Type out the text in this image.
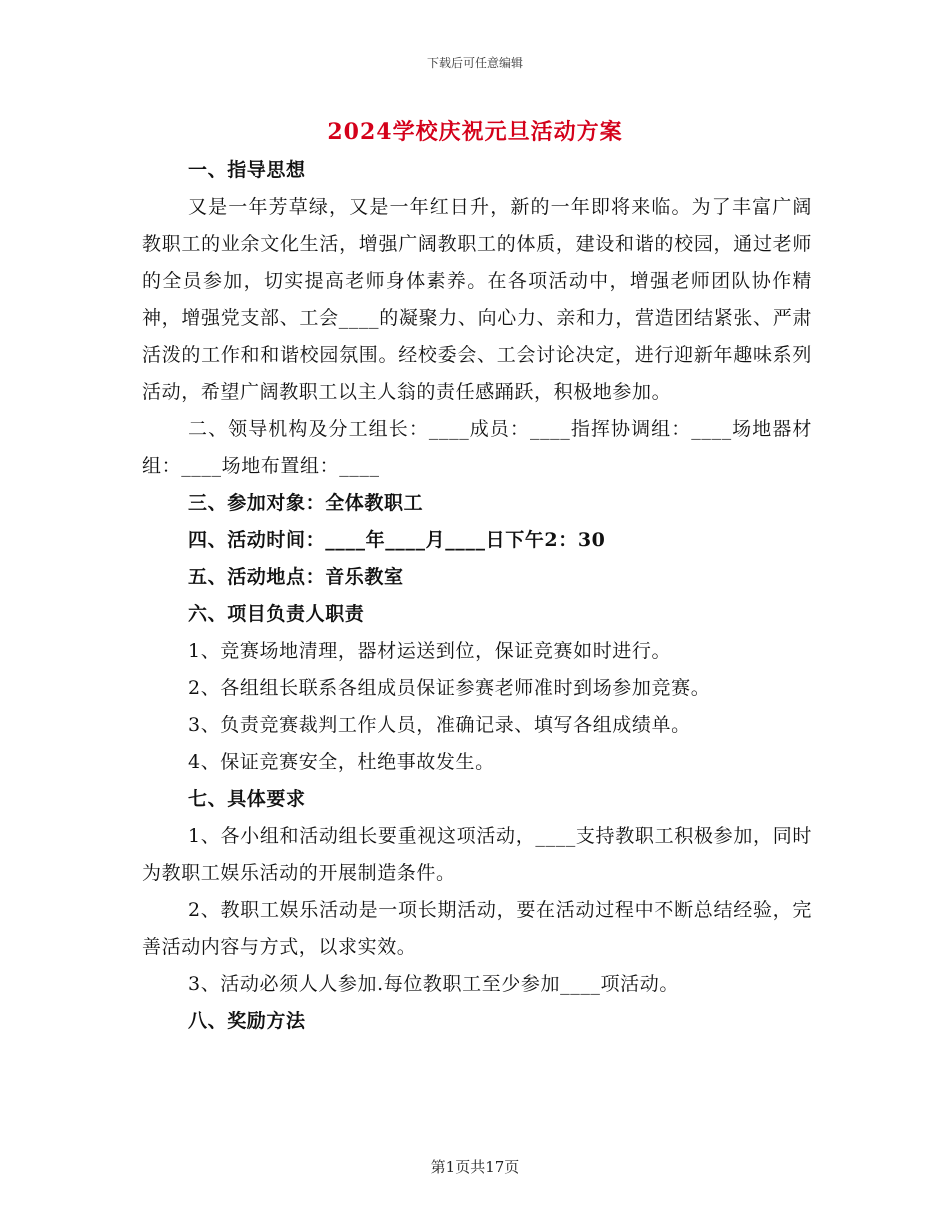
下载后可任意编辑
2024学校庆祝元旦活动方案

一、指导思想

又是一年芳草绿，又是一年红日升，新的一年即将来临。为了丰富广阔教职工的业余文化生活，增强广阔教职工的体质，建设和谐的校园，通过老师的全员参加，切实提高老师身体素养。在各项活动中，增强老师团队协作精神，增强党支部、工会____的凝聚力、向心力、亲和力，营造团结紧张、严肃活泼的工作和和谐校园氛围。经校委会、工会讨论决定，进行迎新年趣味系列活动，希望广阔教职工以主人翁的责任感踊跃，积极地参加。

二、领导机构及分工组长：____成员：____指挥协调组：____场地器材组：____场地布置组：____

三、参加对象：全体教职工

四、活动时间：____年____月____日下午2：30

五、活动地点：音乐教室

六、项目负责人职责

1、竞赛场地清理，器材运送到位，保证竞赛如时进行。

2、各组组长联系各组成员保证参赛老师准时到场参加竞赛。

3、负责竞赛裁判工作人员，准确记录、填写各组成绩单。

4、保证竞赛安全，杜绝事故发生。

七、具体要求

1、各小组和活动组长要重视这项活动，____支持教职工积极参加，同时为教职工娱乐活动的开展制造条件。

2、教职工娱乐活动是一项长期活动，要在活动过程中不断总结经验，完善活动内容与方式，以求实效。

3、活动必须人人参加.每位教职工至少参加____项活动。

八、奖励方法

第1页共17页
